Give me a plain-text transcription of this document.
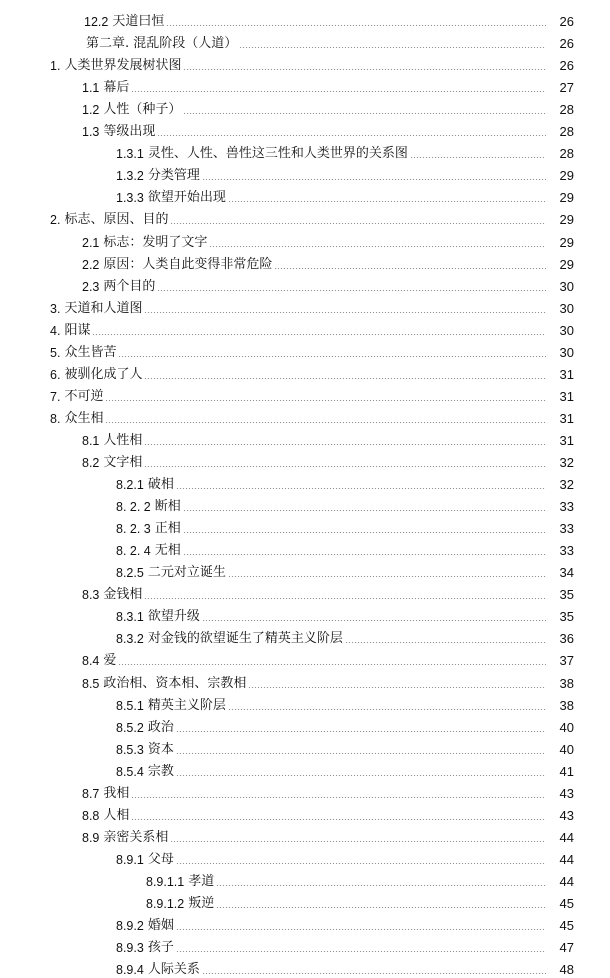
12.2 天道曰恒	26
第二章. 混乱阶段（人道）	26
1. 人类世界发展树状图	26
1.1 幕后	27
1.2 人性（种子）	28
1.3 等级出现	28
1.3.1 灵性、人性、兽性这三性和人类世界的关系图	28
1.3.2 分类管理	29
1.3.3 欲望开始出现	29
2. 标志、原因、目的	29
2.1 标志：发明了文字	29
2.2 原因：人类自此变得非常危险	29
2.3 两个目的	30
3. 天道和人道图	30
4. 阳谋	30
5. 众生皆苦	30
6. 被驯化成了人	31
7. 不可逆	31
8. 众生相	31
8.1 人性相	31
8.2 文字相	32
8.2.1 破相	32
8. 2. 2 断相	33
8. 2. 3 正相	33
8. 2. 4 无相	33
8.2.5 二元对立诞生	34
8.3 金钱相	35
8.3.1 欲望升级	35
8.3.2 对金钱的欲望诞生了精英主义阶层	36
8.4 爱	37
8.5 政治相、资本相、宗教相	38
8.5.1 精英主义阶层	38
8.5.2 政治	40
8.5.3 资本	40
8.5.4 宗教	41
8.7 我相	43
8.8 人相	43
8.9 亲密关系相	44
8.9.1 父母	44
8.9.1.1 孝道	44
8.9.1.2 叛逆	45
8.9.2 婚姻	45
8.9.3 孩子	47
8.9.4 人际关系	48
